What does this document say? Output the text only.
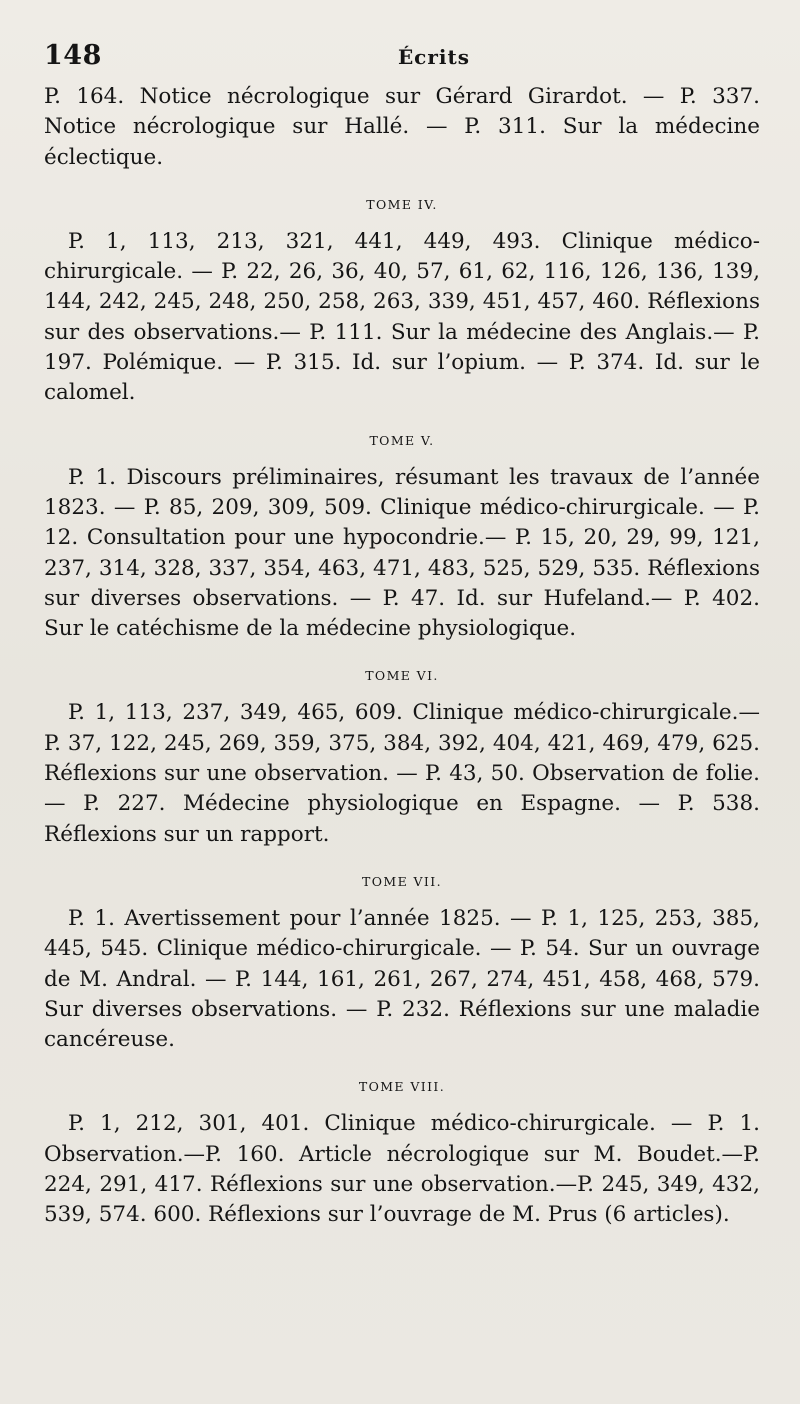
148	Écrits

P. 164. Notice nécrologique sur Gérard Girardot. — P. 337. Notice nécrologique sur Hallé. — P. 311. Sur la médecine éclectique.

TOME IV.

P. 1, 113, 213, 321, 441, 449, 493. Clinique médico-chirurgicale. — P. 22, 26, 36, 40, 57, 61, 62, 116, 126, 136, 139, 144, 242, 245, 248, 250, 258, 263, 339, 451, 457, 460. Réflexions sur des observations.— P. 111. Sur la médecine des Anglais.— P. 197. Polémique. — P. 315. Id. sur l’opium. — P. 374. Id. sur le calomel.

TOME V.

P. 1. Discours préliminaires, résumant les travaux de l’année 1823. — P. 85, 209, 309, 509. Clinique médico-chirurgicale. — P. 12. Consultation pour une hypocondrie.— P. 15, 20, 29, 99, 121, 237, 314, 328, 337, 354, 463, 471, 483, 525, 529, 535. Réflexions sur diverses observations. — P. 47. Id. sur Hufeland.— P. 402. Sur le catéchisme de la médecine physiologique.

TOME VI.

P. 1, 113, 237, 349, 465, 609. Clinique médico-chirurgicale.— P. 37, 122, 245, 269, 359, 375, 384, 392, 404, 421, 469, 479, 625. Réflexions sur une observation. — P. 43, 50. Observation de folie. — P. 227. Médecine physiologique en Espagne. — P. 538. Réflexions sur un rapport.

TOME VII.

P. 1. Avertissement pour l’année 1825. — P. 1, 125, 253, 385, 445, 545. Clinique médico-chirurgicale. — P. 54. Sur un ouvrage de M. Andral. — P. 144, 161, 261, 267, 274, 451, 458, 468, 579. Sur diverses observations. — P. 232. Réflexions sur une maladie cancéreuse.

TOME VIII.

P. 1, 212, 301, 401. Clinique médico-chirurgicale. — P. 1. Observation.—P. 160. Article nécrologique sur M. Boudet.—P. 224, 291, 417. Réflexions sur une observation.—P. 245, 349, 432, 539, 574. 600. Réflexions sur l’ouvrage de M. Prus (6 articles).
